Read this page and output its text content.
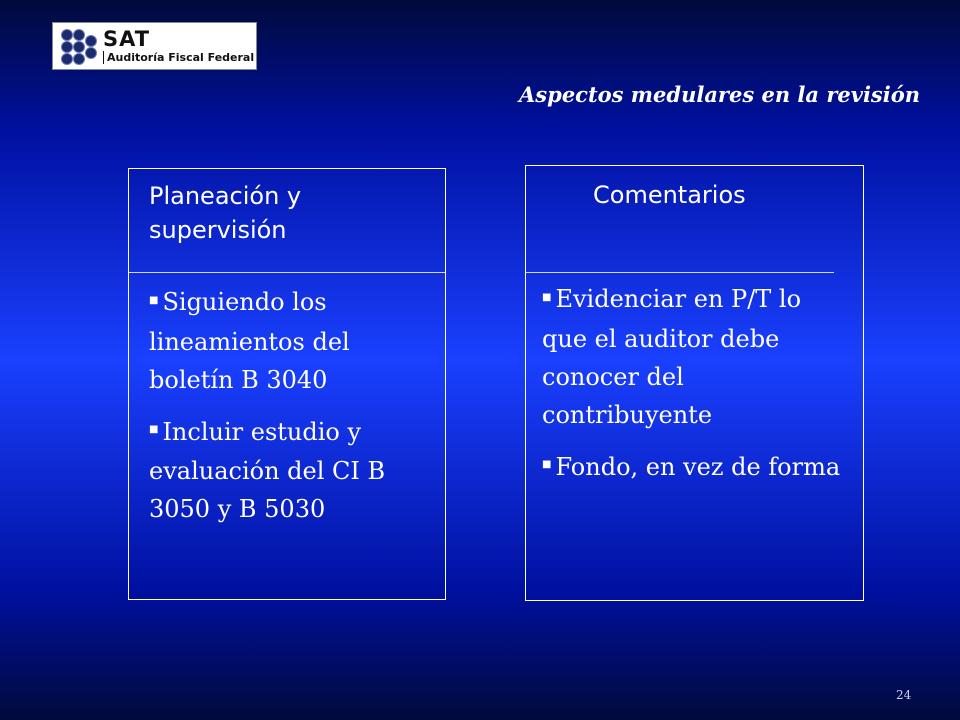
SAT
Auditoría Fiscal Federal
Aspectos medulares en la revisión
Planeación y
supervisión

■ Siguiendo los lineamientos del boletín B 3040

■ Incluir estudio y evaluación del CI B 3050 y B 5030

Comentarios

■ Evidenciar en P/T lo que el auditor debe conocer del contribuyente

■ Fondo, en vez de forma

24
